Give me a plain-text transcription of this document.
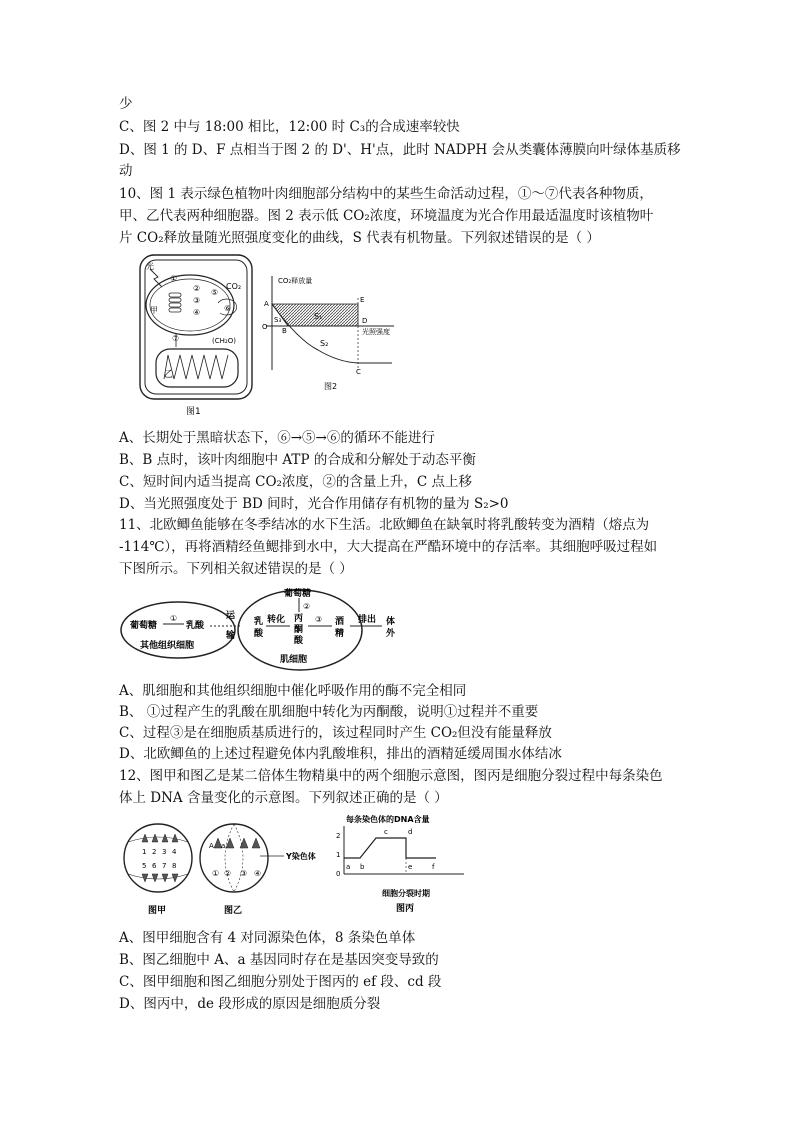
少
C、图 2 中与 18:00 相比，12:00 时 C₃的合成速率较快
D、图 1 的 D、F 点相当于图 2 的 D'、H'点，此时 NADPH 会从类囊体薄膜向叶绿体基质移
动
10、图 1 表示绿色植物叶肉细胞部分结构中的某些生命活动过程，①～⑦代表各种物质，
甲、乙代表两种细胞器。图 2 表示低 CO₂浓度，环境温度为光合作用最适温度时该植物叶
片 CO₂释放量随光照强度变化的曲线，S 代表有机物量。下列叙述错误的是（ ）
光
甲
①
②
③
④
⑤
⑥
⑦
CO₂
(CH₂O)
乙
图1
CO₂释放量
光照强度
A
O B
S₃	S₁
S₂
E
D
C
图2
A、长期处于黑暗状态下，⑥→⑤→⑥的循环不能进行
B、B 点时，该叶肉细胞中 ATP 的合成和分解处于动态平衡
C、短时间内适当提高 CO₂浓度，②的含量上升，C 点上移
D、当光照强度处于 BD 间时，光合作用储存有机物的量为 S₂>0
11、北欧鲫鱼能够在冬季结冰的水下生活。北欧鲫鱼在缺氧时将乳酸转变为酒精（熔点为
-114℃），再将酒精经鱼鳃排到水中，大大提高在严酷环境中的存活率。其细胞呼吸过程如
下图所示。下列相关叙述错误的是（ ）
葡萄糖
①
乳酸
其他组织细胞
运
输
葡萄糖
②
乳
酸
转化 丙
酮
酸
③ 酒
精
排出 体
外
肌细胞
A、肌细胞和其他组织细胞中催化呼吸作用的酶不完全相同
B、 ①过程产生的乳酸在肌细胞中转化为丙酮酸，说明①过程并不重要
C、过程③是在细胞质基质进行的，该过程同时产生 CO₂但没有能量释放
D、北欧鲫鱼的上述过程避免体内乳酸堆积，排出的酒精延缓周围水体结冰
12、图甲和图乙是某二倍体生物精巢中的两个细胞示意图，图丙是细胞分裂过程中每条染色
体上 DNA 含量变化的示意图。下列叙述正确的是（ ）
1 2 3 4
5 6 7 8
图甲
A a
① ② ③ ④
Y染色体
图乙
每条染色体的DNA含量
2
1
0
a b
c	d
e	f
细胞分裂时期
图丙
A、图甲细胞含有 4 对同源染色体，8 条染色单体
B、图乙细胞中 A、a 基因同时存在是基因突变导致的
C、图甲细胞和图乙细胞分别处于图丙的 ef 段、cd 段
D、图丙中，de 段形成的原因是细胞质分裂
